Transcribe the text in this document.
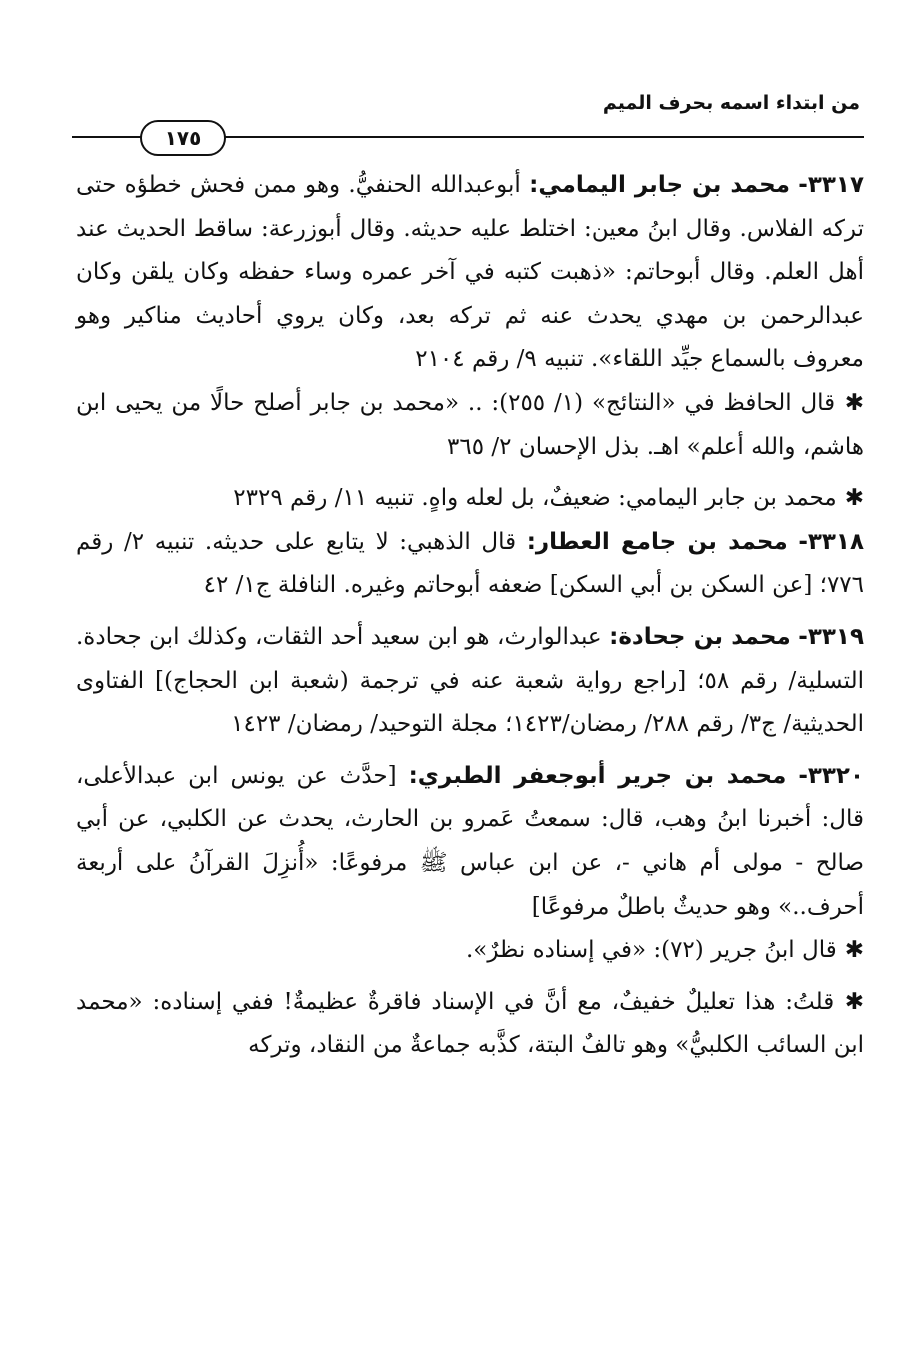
من ابتداء اسمه بحرف الميم
١٧٥

٣٣١٧- محمد بن جابر اليمامي: أبوعبدالله الحنفيُّ. وهو ممن فحش خطؤه حتى تركه الفلاس. وقال ابنُ معين: اختلط عليه حديثه. وقال أبوزرعة: ساقط الحديث عند أهل العلم. وقال أبوحاتم: «ذهبت كتبه في آخر عمره وساء حفظه وكان يلقن وكان عبدالرحمن بن مهدي يحدث عنه ثم تركه بعد، وكان يروي أحاديث مناكير وهو معروف بالسماع جيِّد اللقاء». تنبيه ٩/ رقم ٢١٠٤

✱ قال الحافظ في «النتائج» (١/ ٢٥٥): .. «محمد بن جابر أصلح حالًا من يحيى ابن هاشم، والله أعلم» اهـ. بذل الإحسان ٢/ ٣٦٥

✱ محمد بن جابر اليمامي: ضعيفٌ، بل لعله واهٍ. تنبيه ١١/ رقم ٢٣٢٩

٣٣١٨- محمد بن جامع العطار: قال الذهبي: لا يتابع على حديثه. تنبيه ٢/ رقم ٧٧٦؛ [عن السكن بن أبي السكن] ضعفه أبوحاتم وغيره. النافلة ج١/ ٤٢

٣٣١٩- محمد بن جحادة: عبدالوارث، هو ابن سعيد أحد الثقات، وكذلك ابن جحادة. التسلية/ رقم ٥٨؛ [راجع رواية شعبة عنه في ترجمة (شعبة ابن الحجاج)] الفتاوى الحديثية/ ج٣/ رقم ٢٨٨/ رمضان/١٤٢٣؛ مجلة التوحيد/ رمضان/ ١٤٢٣

٣٣٢٠- محمد بن جرير أبوجعفر الطبري: [حدَّث عن يونس ابن عبدالأعلى، قال: أخبرنا ابنُ وهب، قال: سمعتُ عَمرو بن الحارث، يحدث عن الكلبي، عن أبي صالح - مولى أم هاني -، عن ابن عباس ﷺ مرفوعًا: «أُنزِلَ القرآنُ على أربعة أحرف..» وهو حديثٌ باطلٌ مرفوعًا]

✱ قال ابنُ جرير (٧٢): «في إسناده نظرٌ».

✱ قلتُ: هذا تعليلٌ خفيفٌ، مع أنَّ في الإسناد فاقرةٌ عظيمةٌ! ففي إسناده: «محمد ابن السائب الكلبيُّ» وهو تالفٌ البتة، كذَّبه جماعةٌ من النقاد، وتركه
